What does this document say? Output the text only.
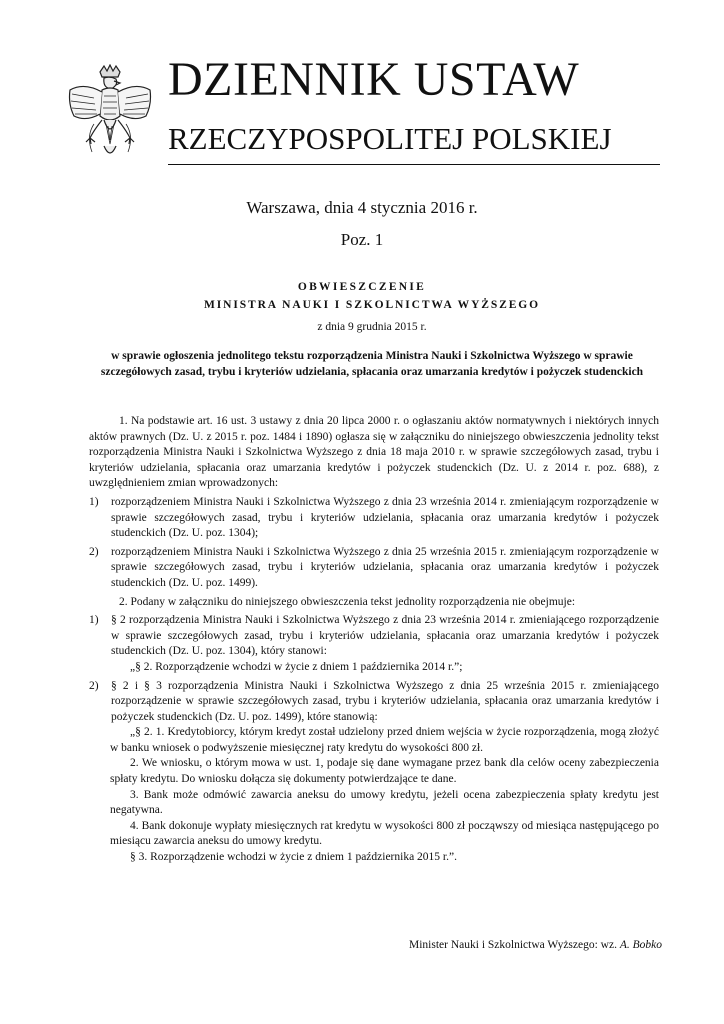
DZIENNIK USTAW
RZECZYPOSPOLITEJ POLSKIEJ
Warszawa, dnia 4 stycznia 2016 r.
Poz. 1
OBWIESZCZENIE
MINISTRA NAUKI I SZKOLNICTWA WYŻSZEGO
z dnia 9 grudnia 2015 r.
w sprawie ogłoszenia jednolitego tekstu rozporządzenia Ministra Nauki i Szkolnictwa Wyższego w sprawie szczegółowych zasad, trybu i kryteriów udzielania, spłacania oraz umarzania kredytów i pożyczek studenckich

1. Na podstawie art. 16 ust. 3 ustawy z dnia 20 lipca 2000 r. o ogłaszaniu aktów normatywnych i niektórych innych aktów prawnych (Dz. U. z 2015 r. poz. 1484 i 1890) ogłasza się w załączniku do niniejszego obwieszczenia jednolity tekst rozporządzenia Ministra Nauki i Szkolnictwa Wyższego z dnia 18 maja 2010 r. w sprawie szczegółowych zasad, trybu i kryteriów udzielania, spłacania oraz umarzania kredytów i pożyczek studenckich (Dz. U. z 2014 r. poz. 688), z uwzględnieniem zmian wprowadzonych:

1)	rozporządzeniem Ministra Nauki i Szkolnictwa Wyższego z dnia 23 września 2014 r. zmieniającym rozporządzenie w sprawie szczegółowych zasad, trybu i kryteriów udzielania, spłacania oraz umarzania kredytów i pożyczek studenckich (Dz. U. poz. 1304);
2)	rozporządzeniem Ministra Nauki i Szkolnictwa Wyższego z dnia 25 września 2015 r. zmieniającym rozporządzenie w sprawie szczegółowych zasad, trybu i kryteriów udzielania, spłacania oraz umarzania kredytów i pożyczek studenckich (Dz. U. poz. 1499).

2. Podany w załączniku do niniejszego obwieszczenia tekst jednolity rozporządzenia nie obejmuje:

1)	§ 2 rozporządzenia Ministra Nauki i Szkolnictwa Wyższego z dnia 23 września 2014 r. zmieniającego rozporządzenie w sprawie szczegółowych zasad, trybu i kryteriów udzielania, spłacania oraz umarzania kredytów i pożyczek studenckich (Dz. U. poz. 1304), który stanowi:

„§ 2. Rozporządzenie wchodzi w życie z dniem 1 października 2014 r.”;

2)	§ 2 i § 3 rozporządzenia Ministra Nauki i Szkolnictwa Wyższego z dnia 25 września 2015 r. zmieniającego rozporządzenie w sprawie szczegółowych zasad, trybu i kryteriów udzielania, spłacania oraz umarzania kredytów i pożyczek studenckich (Dz. U. poz. 1499), które stanowią:

„§ 2. 1. Kredytobiorcy, którym kredyt został udzielony przed dniem wejścia w życie rozporządzenia, mogą złożyć w banku wniosek o podwyższenie miesięcznej raty kredytu do wysokości 800 zł.

2. We wniosku, o którym mowa w ust. 1, podaje się dane wymagane przez bank dla celów oceny zabezpieczenia spłaty kredytu. Do wniosku dołącza się dokumenty potwierdzające te dane.

3. Bank może odmówić zawarcia aneksu do umowy kredytu, jeżeli ocena zabezpieczenia spłaty kredytu jest negatywna.

4. Bank dokonuje wypłaty miesięcznych rat kredytu w wysokości 800 zł począwszy od miesiąca następującego po miesiącu zawarcia aneksu do umowy kredytu.

§ 3. Rozporządzenie wchodzi w życie z dniem 1 października 2015 r.”.

Minister Nauki i Szkolnictwa Wyższego: wz. A. Bobko
